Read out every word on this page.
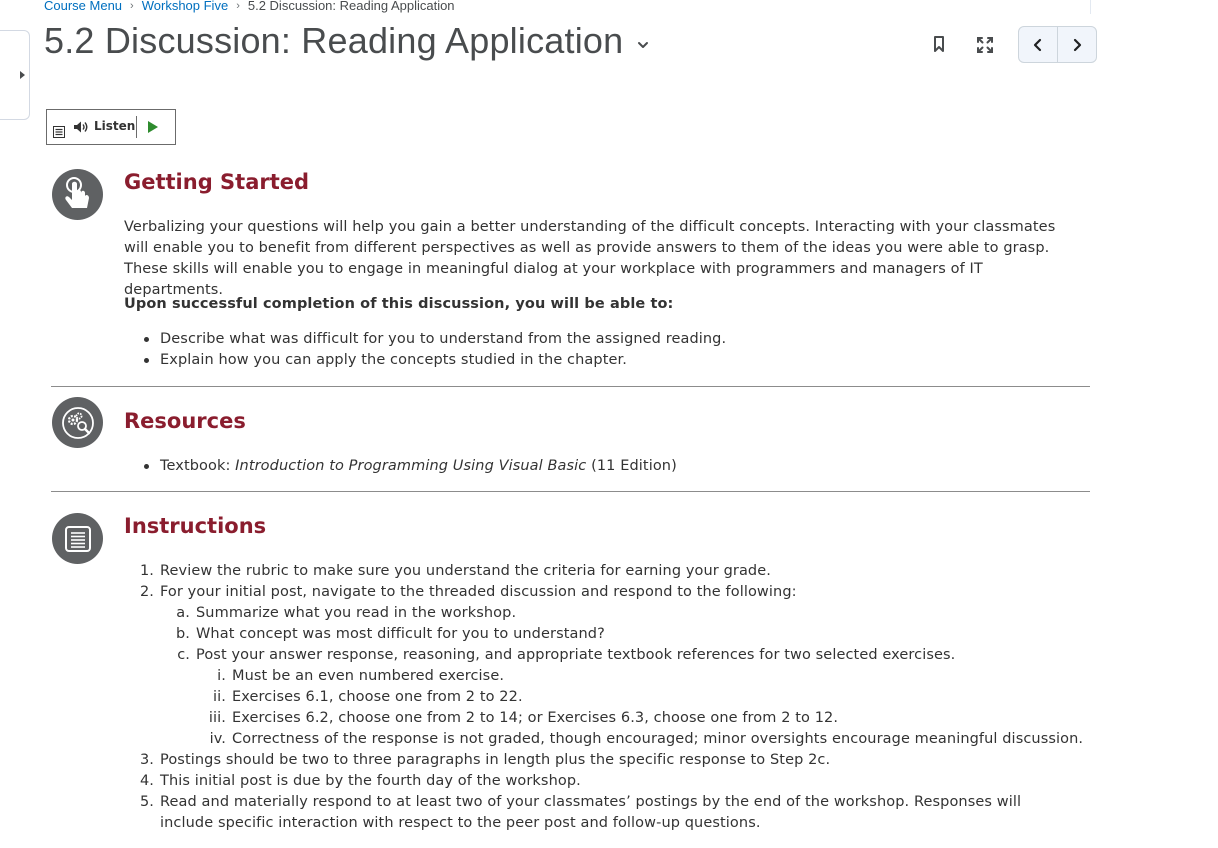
Course Menu › Workshop Five › 5.2 Discussion: Reading Application
5.2 Discussion: Reading Application
Listen
Getting Started

Verbalizing your questions will help you gain a better understanding of the difficult concepts. Interacting with your classmates will enable you to benefit from different perspectives as well as provide answers to them of the ideas you were able to grasp. These skills will enable you to engage in meaningful dialog at your workplace with programmers and managers of IT departments.

Upon successful completion of this discussion, you will be able to:
Describe what was difficult for you to understand from the assigned reading.
Explain how you can apply the concepts studied in the chapter.
Resources
Textbook: Introduction to Programming Using Visual Basic (11 Edition)
Instructions
1. Review the rubric to make sure you understand the criteria for earning your grade.
2. For your initial post, navigate to the threaded discussion and respond to the following:
a. Summarize what you read in the workshop.
b. What concept was most difficult for you to understand?
c. Post your answer response, reasoning, and appropriate textbook references for two selected exercises.
i. Must be an even numbered exercise.
ii. Exercises 6.1, choose one from 2 to 22.
iii. Exercises 6.2, choose one from 2 to 14; or Exercises 6.3, choose one from 2 to 12.
iv. Correctness of the response is not graded, though encouraged; minor oversights encourage meaningful discussion.
3. Postings should be two to three paragraphs in length plus the specific response to Step 2c.
4. This initial post is due by the fourth day of the workshop.
5. Read and materially respond to at least two of your classmates’ postings by the end of the workshop. Responses will include specific interaction with respect to the peer post and follow-up questions.
